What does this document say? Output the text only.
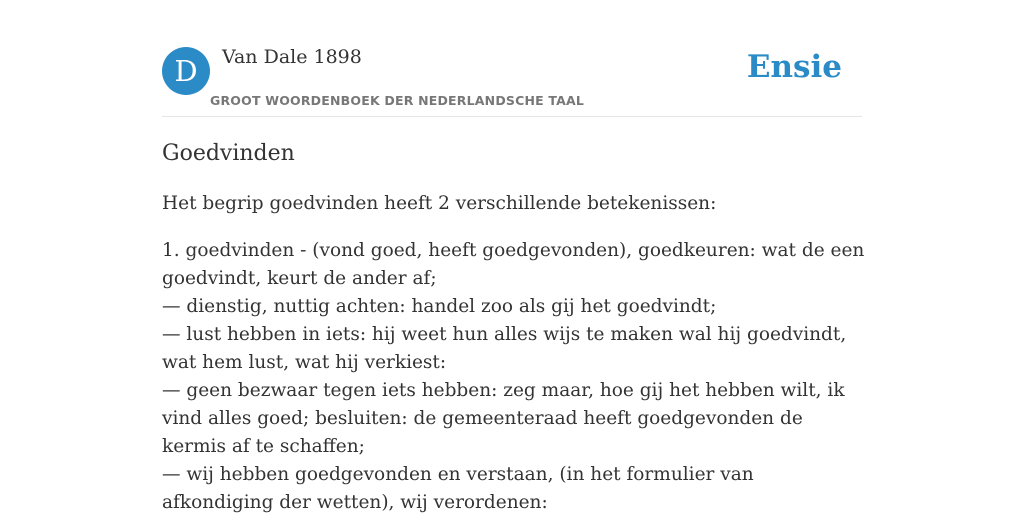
D	Van Dale 1898
GROOT WOORDENBOEK DER NEDERLANDSCHE TAAL
Ensie
Goedvinden

Het begrip goedvinden heeft 2 verschillende betekenissen:

1. goedvinden - (vond goed, heeft goedgevonden), goedkeuren: wat de een goedvindt, keurt de ander af;
— dienstig, nuttig achten: handel zoo als gij het goedvindt;
— lust hebben in iets: hij weet hun alles wijs te maken wal hij goedvindt, wat hem lust, wat hij verkiest:
— geen bezwaar tegen iets hebben: zeg maar, hoe gij het hebben wilt, ik vind alles goed; besluiten: de gemeenteraad heeft goedgevonden de kermis af te schaffen;
— wij hebben goedgevonden en verstaan, (in het formulier van afkondiging der wetten), wij verordenen:
